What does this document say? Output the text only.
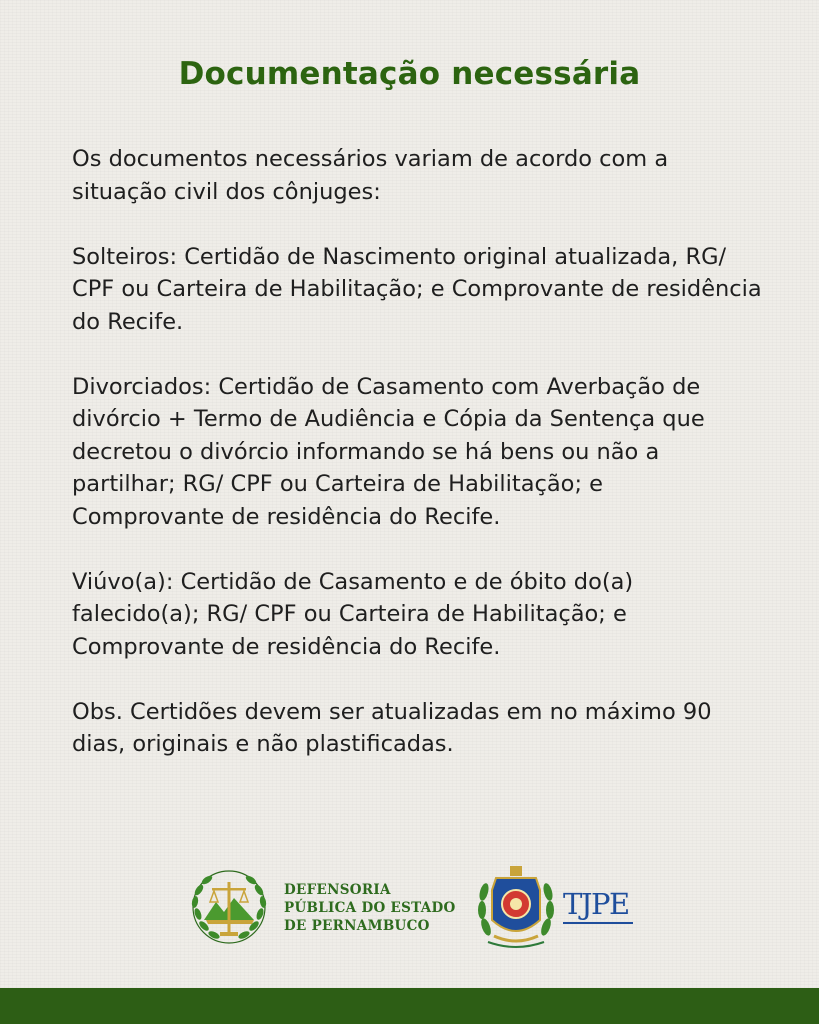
Documentação necessária

Os documentos necessários variam de acordo com a situação civil dos cônjuges:

Solteiros: Certidão de Nascimento original atualizada, RG/ CPF ou Carteira de Habilitação; e Comprovante de residência do Recife.

Divorciados: Certidão de Casamento com Averbação de divórcio + Termo de Audiência e Cópia da Sentença que decretou o divórcio informando se há bens ou não a partilhar; RG/ CPF ou Carteira de Habilitação; e Comprovante de residência do Recife.

Viúvo(a): Certidão de Casamento e de óbito do(a) falecido(a); RG/ CPF ou Carteira de Habilitação; e Comprovante de residência do Recife.

Obs. Certidões devem ser atualizadas em no máximo 90 dias, originais e não plastificadas.

DEFENSORIA
PÚBLICA DO ESTADO
DE PERNAMBUCO
TJPE
